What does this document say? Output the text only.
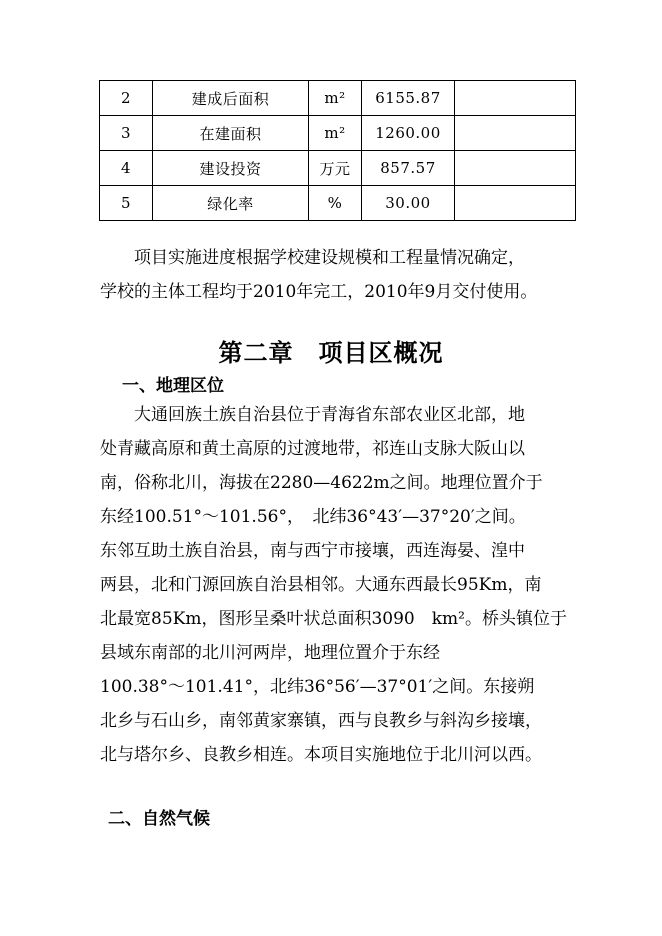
2	建成后面积	m²	6155.87	
3	在建面积	m²	1260.00	
4	建设投资	万元	857.57	
5	绿化率	%	30.00	
　　项目实施进度根据学校建设规模和工程量情况确定，
学校的主体工程均于2010年完工，2010年9月交付使用。
第二章　项目区概况
一、地理区位
　　大通回族土族自治县位于青海省东部农业区北部，地
处青藏高原和黄土高原的过渡地带，祁连山支脉大阪山以
南，俗称北川，海拔在2280—4622m之间。地理位置介于
东经100.51°～101.56°，　北纬36°43′—37°20′之间。
东邻互助土族自治县，南与西宁市接壤，西连海晏、湟中
两县，北和门源回族自治县相邻。大通东西最长95Km，南
北最宽85Km，图形呈桑叶状总面积3090　km²。桥头镇位于
县域东南部的北川河两岸，地理位置介于东经
100.38°～101.41°，北纬36°56′—37°01′之间。东接朔
北乡与石山乡，南邻黄家寨镇，西与良教乡与斜沟乡接壤，
北与塔尔乡、良教乡相连。本项目实施地位于北川河以西。
二、自然气候
